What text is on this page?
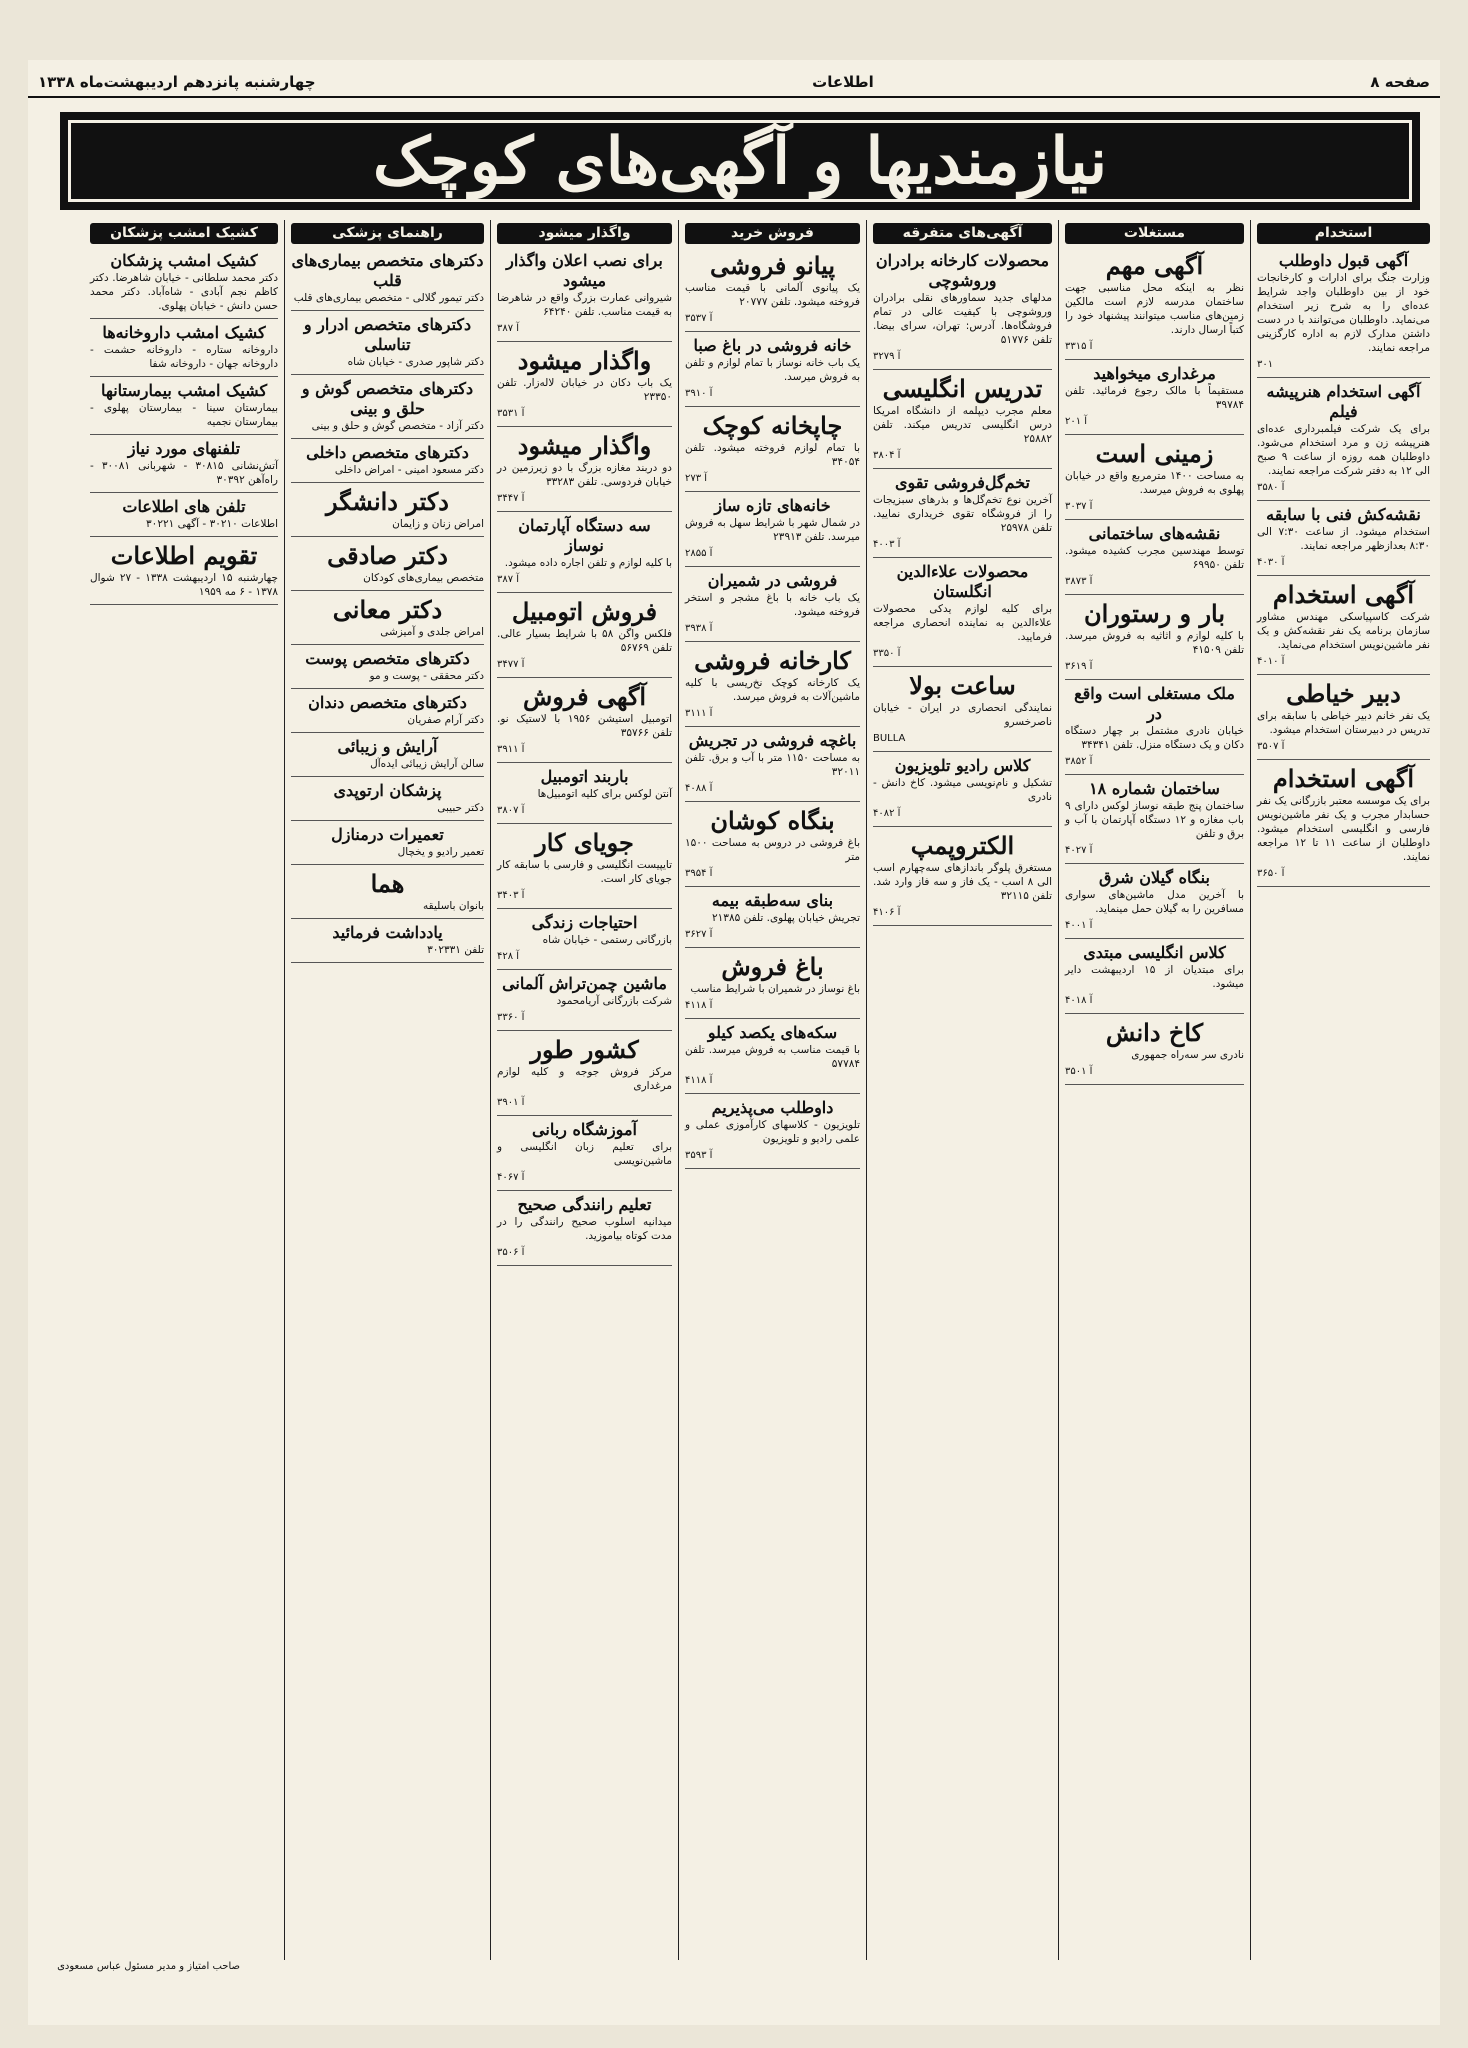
صفحه ۸
اطلاعات
چهارشنبه پانزدهم اردیبهشت‌ماه ۱۳۳۸
نیازمندیها و آگهی‌های کوچک
استخدام
آگهی قبول داوطلب
وزارت جنگ برای ادارات و کارخانجات خود از بین داوطلبان واجد شرایط عده‌ای را به شرح زیر استخدام می‌نماید. داوطلبان می‌توانند با در دست داشتن مدارک لازم به اداره کارگزینی مراجعه نمایند.
۳۰۱
آگهی استخدام هنرپیشه فیلم
برای یک شرکت فیلمبرداری عده‌ای هنرپیشه زن و مرد استخدام می‌شود. داوطلبان همه روزه از ساعت ۹ صبح الی ۱۲ به دفتر شرکت مراجعه نمایند.
آ ۳۵۸۰
نقشه‌کش فنی با سابقه
استخدام میشود. از ساعت ۷:۳۰ الی ۸:۳۰ بعدازظهر مراجعه نمایند.
آ ۴۰۳۰
آگهی استخدام
شرکت کاسپیاسکی مهندس مشاور سازمان برنامه یک نفر نقشه‌کش و یک نفر ماشین‌نویس استخدام می‌نماید.
آ ۴۰۱۰
دبیر خیاطی
یک نفر خانم دبیر خیاطی با سابقه برای تدریس در دبیرستان استخدام میشود.
آ ۳۵۰۷
آگهی استخدام
برای یک موسسه معتبر بازرگانی یک نفر حسابدار مجرب و یک نفر ماشین‌نویس فارسی و انگلیسی استخدام میشود. داوطلبان از ساعت ۱۱ تا ۱۲ مراجعه نمایند.
آ ۳۶۵۰
مستغلات
آگهی مهم
نظر به اینکه محل مناسبی جهت ساختمان مدرسه لازم است مالکین زمین‌های مناسب میتوانند پیشنهاد خود را کتباً ارسال دارند.
آ ۳۳۱۵
مرغداری میخواهید
مستقیماً با مالک رجوع فرمائید. تلفن ۳۹۷۸۴
آ ۲۰۱
زمینی است
به مساحت ۱۴۰۰ مترمربع واقع در خیابان پهلوی به فروش میرسد.
آ ۳۰۳۷
نقشه‌های ساختمانی
توسط مهندسین مجرب کشیده میشود. تلفن ۶۹۹۵۰
آ ۳۸۷۳
بار و رستوران
با کلیه لوازم و اثاثیه به فروش میرسد. تلفن ۴۱۵۰۹
آ ۳۶۱۹
ملک مستغلی است واقع در
خیابان نادری مشتمل بر چهار دستگاه دکان و یک دستگاه منزل. تلفن ۳۴۳۴۱
آ ۳۸۵۲
ساختمان شماره ۱۸
ساختمان پنج طبقه نوساز لوکس دارای ۹ باب مغازه و ۱۲ دستگاه آپارتمان با آب و برق و تلفن
آ ۴۰۲۷
بنگاه گیلان شرق
با آخرین مدل ماشین‌های سواری مسافرین را به گیلان حمل مینماید.
آ ۴۰۰۱
کلاس انگلیسی مبتدی
برای مبتدیان از ۱۵ اردیبهشت دایر میشود.
آ ۴۰۱۸
کاخ دانش
نادری سر سه‌راه جمهوری
آ ۳۵۰۱
آگهی‌های متفرقه
محصولات کارخانه برادران وروشوچی
مدلهای جدید سماورهای نقلی برادران وروشوچی با کیفیت عالی در تمام فروشگاه‌ها. آدرس: تهران، سرای بیضا. تلفن ۵۱۷۷۶
آ ۳۲۷۹
تدریس انگلیسی
معلم مجرب دیپلمه از دانشگاه امریکا درس انگلیسی تدریس میکند. تلفن ۲۵۸۸۲
آ ۳۸۰۴
تخم‌گل‌فروشی تقوی
آخرین نوع تخم‌گل‌ها و بذرهای سبزیجات را از فروشگاه تقوی خریداری نمایید. تلفن ۲۵۹۷۸
آ ۴۰۰۳
محصولات علاءالدین انگلستان
برای کلیه لوازم یدکی محصولات علاءالدین به نماینده انحصاری مراجعه فرمایید.
آ ۳۳۵۰
ساعت بولا
نمایندگی انحصاری در ایران - خیابان ناصرخسرو
BULLA
کلاس رادیو تلویزیون
تشکیل و نام‌نویسی میشود. کاخ دانش - نادری
آ ۴۰۸۲
الکتروپمپ
مستغرق پلوگر بانداز‌های سه‌چهارم اسب الی ۸ اسب - یک فاز و سه فاز وارد شد. تلفن ۳۲۱۱۵
آ ۴۱۰۶
فروش خرید
پیانو فروشی
یک پیانوی آلمانی با قیمت مناسب فروخته میشود. تلفن ۲۰۷۷۷
آ ۳۵۳۷
خانه فروشی در باغ صبا
یک باب خانه نوساز با تمام لوازم و تلفن به فروش میرسد.
آ ۳۹۱۰
چاپخانه کوچک
با تمام لوازم فروخته میشود. تلفن ۳۴۰۵۴
آ ۲۷۳
خانه‌های تازه ساز
در شمال شهر با شرایط سهل به فروش میرسد. تلفن ۲۳۹۱۳
آ ۲۸۵۵
فروشی در شمیران
یک باب خانه با باغ مشجر و استخر فروخته میشود.
آ ۳۹۳۸
کارخانه فروشی
یک کارخانه کوچک نخ‌ریسی با کلیه ماشین‌آلات به فروش میرسد.
آ ۳۱۱۱
باغچه فروشی در تجریش
به مساحت ۱۱۵۰ متر با آب و برق. تلفن ۳۲۰۱۱
آ ۴۰۸۸
بنگاه کوشان
باغ فروشی در دروس به مساحت ۱۵۰۰ متر
آ ۳۹۵۴
بنای سه‌طبقه بیمه
تجریش خیابان پهلوی. تلفن ۲۱۳۸۵
آ ۳۶۲۷
باغ فروش
باغ نوساز در شمیران با شرایط مناسب
آ ۴۱۱۸
سکه‌های یکصد کیلو
با قیمت مناسب به فروش میرسد. تلفن ۵۷۷۸۴
آ ۴۱۱۸
داوطلب می‌پذیریم
تلویزیون - کلاسهای کارآموزی عملی و علمی رادیو و تلویزیون
آ ۳۵۹۳
واگذار میشود
برای نصب اعلان واگذار میشود
شیروانی عمارت بزرگ واقع در شاهرضا به قیمت مناسب. تلفن ۶۴۲۴۰
آ ۳۸۷
واگذار میشود
یک باب دکان در خیابان لاله‌زار. تلفن ۲۳۳۵۰
آ ۳۵۳۱
واگذار میشود
دو دربند مغازه بزرگ با دو زیرزمین در خیابان فردوسی. تلفن ۳۳۲۸۳
آ ۳۴۴۷
سه دستگاه آپارتمان نوساز
با کلیه لوازم و تلفن اجاره داده میشود.
آ ۳۸۷
فروش اتومبیل
فلکس واگن ۵۸ با شرایط بسیار عالی. تلفن ۵۶۷۶۹
آ ۳۴۷۷
آگهی فروش
اتومبیل استیشن ۱۹۵۶ با لاستیک نو. تلفن ۳۵۷۶۶
آ ۳۹۱۱
باربند اتومبیل
آنتن لوکس برای کلیه اتومبیل‌ها
آ ۳۸۰۷
جویای کار
تایپیست انگلیسی و فارسی با سابقه کار جویای کار است.
آ ۳۴۰۳
احتیاجات زندگی
بازرگانی رستمی - خیابان شاه
آ ۴۲۸
ماشین چمن‌تراش آلمانی
شرکت بازرگانی آریامحمود
آ ۳۳۶۰
کشور طور
مرکز فروش جوجه و کلیه لوازم مرغداری
آ ۳۹۰۱
آموزشگاه ربانی
برای تعلیم زبان انگلیسی و ماشین‌نویسی
آ ۴۰۶۷
تعلیم رانندگی صحیح
میدانیه اسلوب صحیح رانندگی را در مدت کوتاه بیاموزید.
آ ۳۵۰۶
راهنمای پزشکی
دکترهای متخصص بیماری‌های قلب
دکتر تیمور گلالی - متخصص بیماری‌های قلب
دکترهای متخصص ادرار و تناسلی
دکتر شاپور صدری - خیابان شاه
دکترهای متخصص گوش و حلق و بینی
دکتر آزاد - متخصص گوش و حلق و بینی
دکترهای متخصص داخلی
دکتر مسعود امینی - امراض داخلی
دکتر دانشگر
امراض زنان و زایمان
دکتر صادقی
متخصص بیماری‌های کودکان
دکتر معانی
امراض جلدی و آمیزشی
دکترهای متخصص پوست
دکتر محققی - پوست و مو
دکترهای متخصص دندان
دکتر آرام صفریان
آرایش و زیبائی
سالن آرایش زیبائی ایده‌آل
پزشکان ارتوپدی
دکتر حبیبی
تعمیرات درمنازل
تعمیر رادیو و یخچال
هما
بانوان باسلیقه
یادداشت فرمائید
تلفن ۳۰۲۳۳۱
کشیک امشب پزشکان
کشیک امشب پزشکان
دکتر محمد سلطانی - خیابان شاهرضا. دکتر کاظم نجم آبادی - شاه‌آباد. دکتر محمد حسن دانش - خیابان پهلوی.
کشیک امشب داروخانه‌ها
داروخانه ستاره - داروخانه حشمت - داروخانه جهان - داروخانه شفا
کشیک امشب بیمارستانها
بیمارستان سینا - بیمارستان پهلوی - بیمارستان نجمیه
تلفنهای مورد نیاز
آتش‌نشانی ۳۰۸۱۵ - شهربانی ۳۰۰۸۱ - راه‌آهن ۳۰۳۹۲
تلفن های اطلاعات
اطلاعات ۳۰۲۱۰ - آگهی ۳۰۲۲۱
تقویم اطلاعات
چهارشنبه ۱۵ اردیبهشت ۱۳۳۸ - ۲۷ شوال ۱۳۷۸ - ۶ مه ۱۹۵۹
صاحب امتیاز و مدیر مسئول عباس مسعودی
